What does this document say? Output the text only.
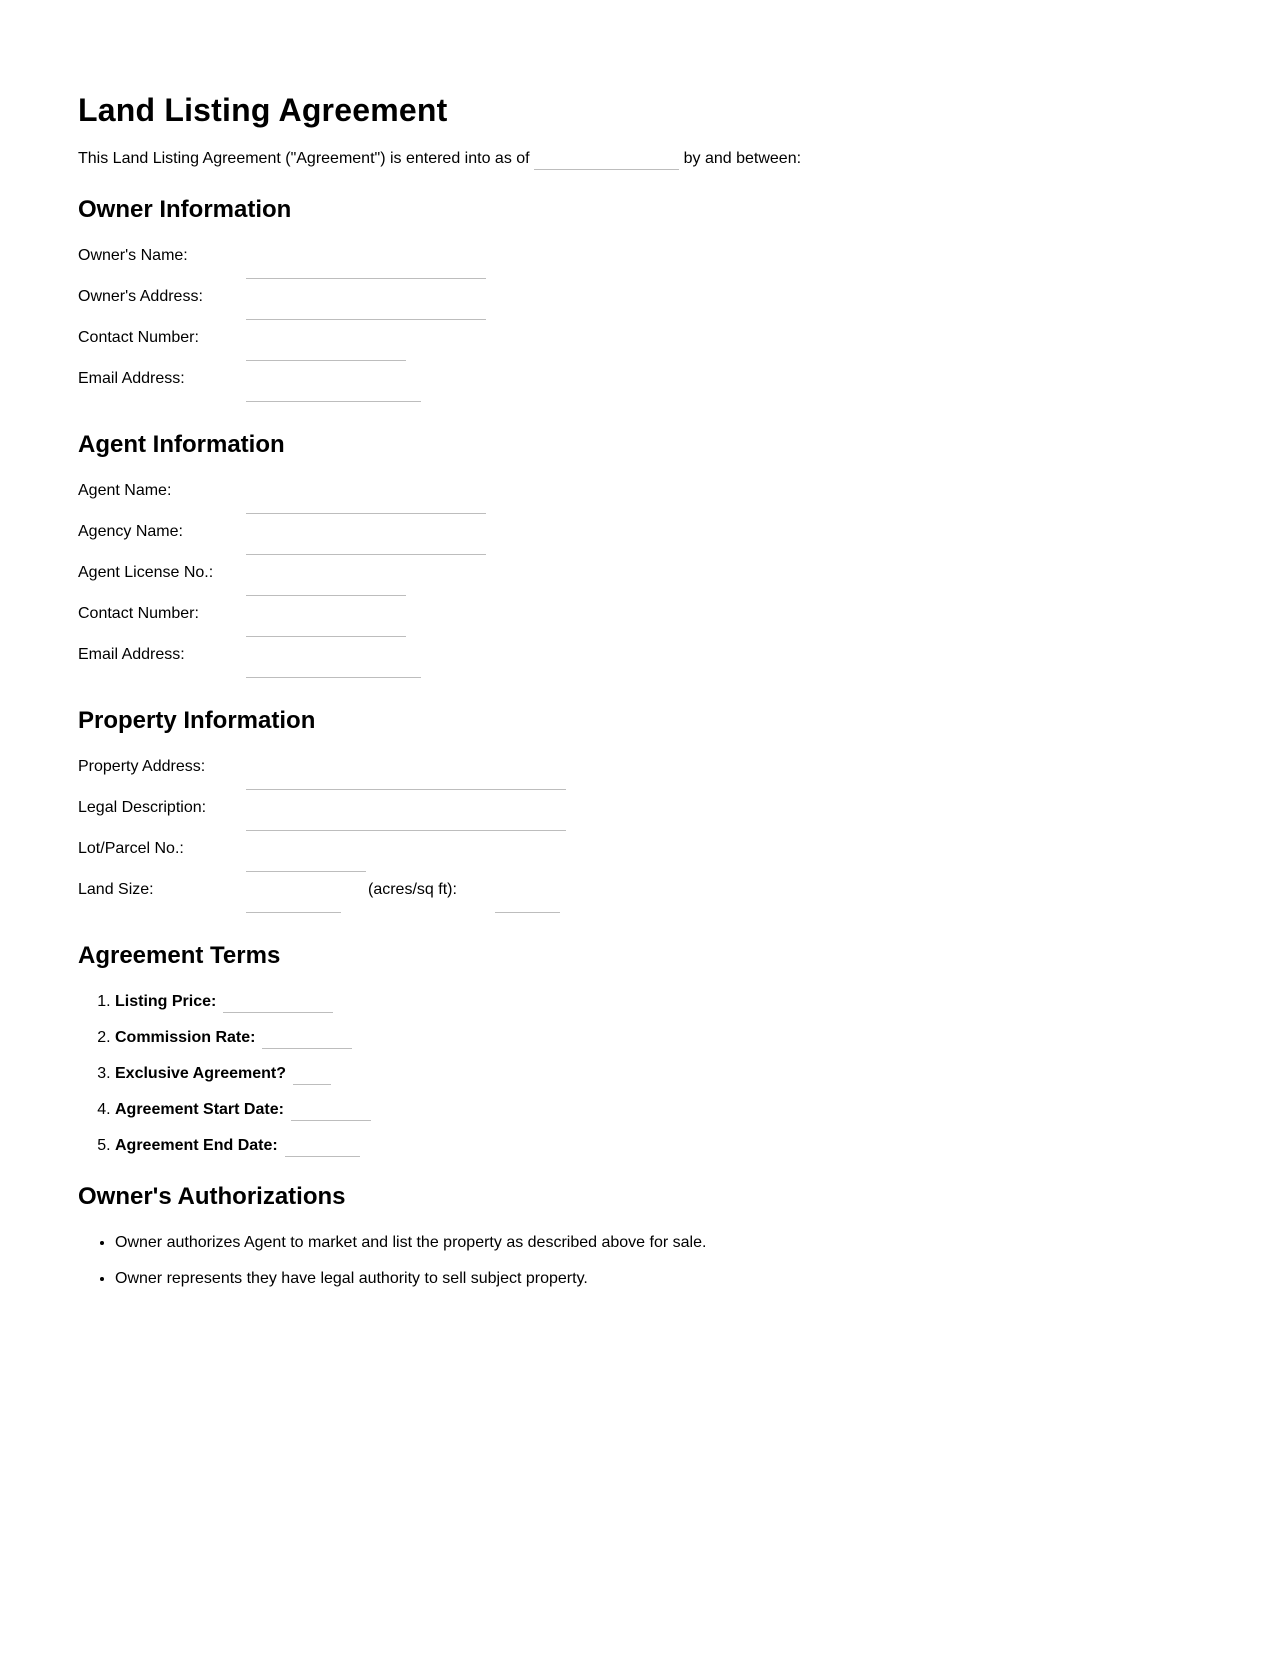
Land Listing Agreement

This Land Listing Agreement ("Agreement") is entered into as of	by and between:

Owner Information
Owner's Name:
Owner's Address:
Contact Number:
Email Address:
Agent Information
Agent Name:
Agency Name:
Agent License No.:
Contact Number:
Email Address:
Property Information
Property Address:
Legal Description:
Lot/Parcel No.:
Land Size:	(acres/sq ft):
Agreement Terms
1. Listing Price:
2. Commission Rate:
3. Exclusive Agreement?
4. Agreement Start Date:
5. Agreement End Date:
Owner's Authorizations
• Owner authorizes Agent to market and list the property as described above for sale.
• Owner represents they have legal authority to sell subject property.
